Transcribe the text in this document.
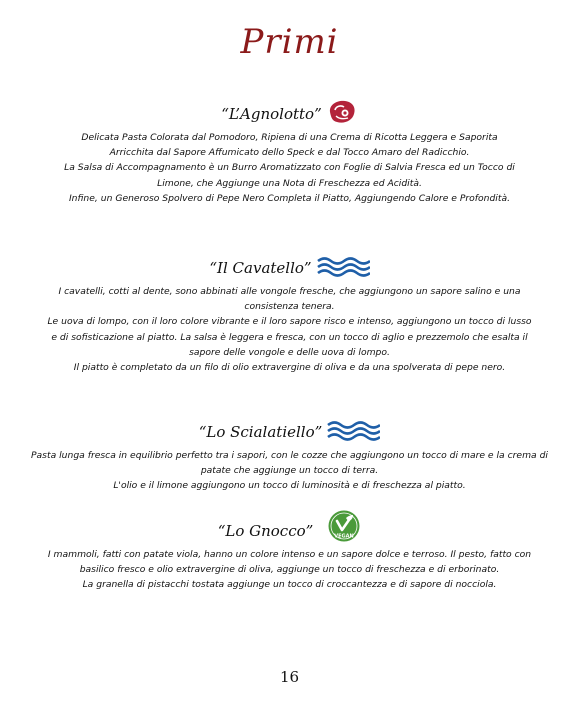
Primi
“L’Agnolotto”

Delicata Pasta Colorata dal Pomodoro, Ripiena di una Crema di Ricotta Leggera e Saporita

Arricchita dal Sapore Affumicato dello Speck e dal Tocco Amaro del Radicchio.

La Salsa di Accompagnamento è un Burro Aromatizzato con Foglie di Salvia Fresca ed un Tocco di

Limone, che Aggiunge una Nota di Freschezza ed Acidità.

Infine, un Generoso Spolvero di Pepe Nero Completa il Piatto, Aggiungendo Calore e Profondità.

“Il Cavatello”

I cavatelli, cotti al dente, sono abbinati alle vongole fresche, che aggiungono un sapore salino e una

consistenza tenera.

Le uova di lompo, con il loro colore vibrante e il loro sapore risco e intenso, aggiungono un tocco di lusso

e di sofisticazione al piatto. La salsa è leggera e fresca, con un tocco di aglio e prezzemolo che esalta il

sapore delle vongole e delle uova di lompo.

Il piatto è completato da un filo di olio extravergine di oliva e da una spolverata di pepe nero.

“Lo Scialatiello”

Pasta lunga fresca in equilibrio perfetto tra i sapori, con le cozze che aggiungono un tocco di mare e la crema di

patate che aggiunge un tocco di terra.

L'olio e il limone aggiungono un tocco di luminosità e di freschezza al piatto.

“Lo Gnocco”	VEGAN

I mammoli, fatti con patate viola, hanno un colore intenso e un sapore dolce e terroso. Il pesto, fatto con

basilico fresco e olio extravergine di oliva, aggiunge un tocco di freschezza e di erborinato.

La granella di pistacchi tostata aggiunge un tocco di croccantezza e di sapore di nocciola.

16
